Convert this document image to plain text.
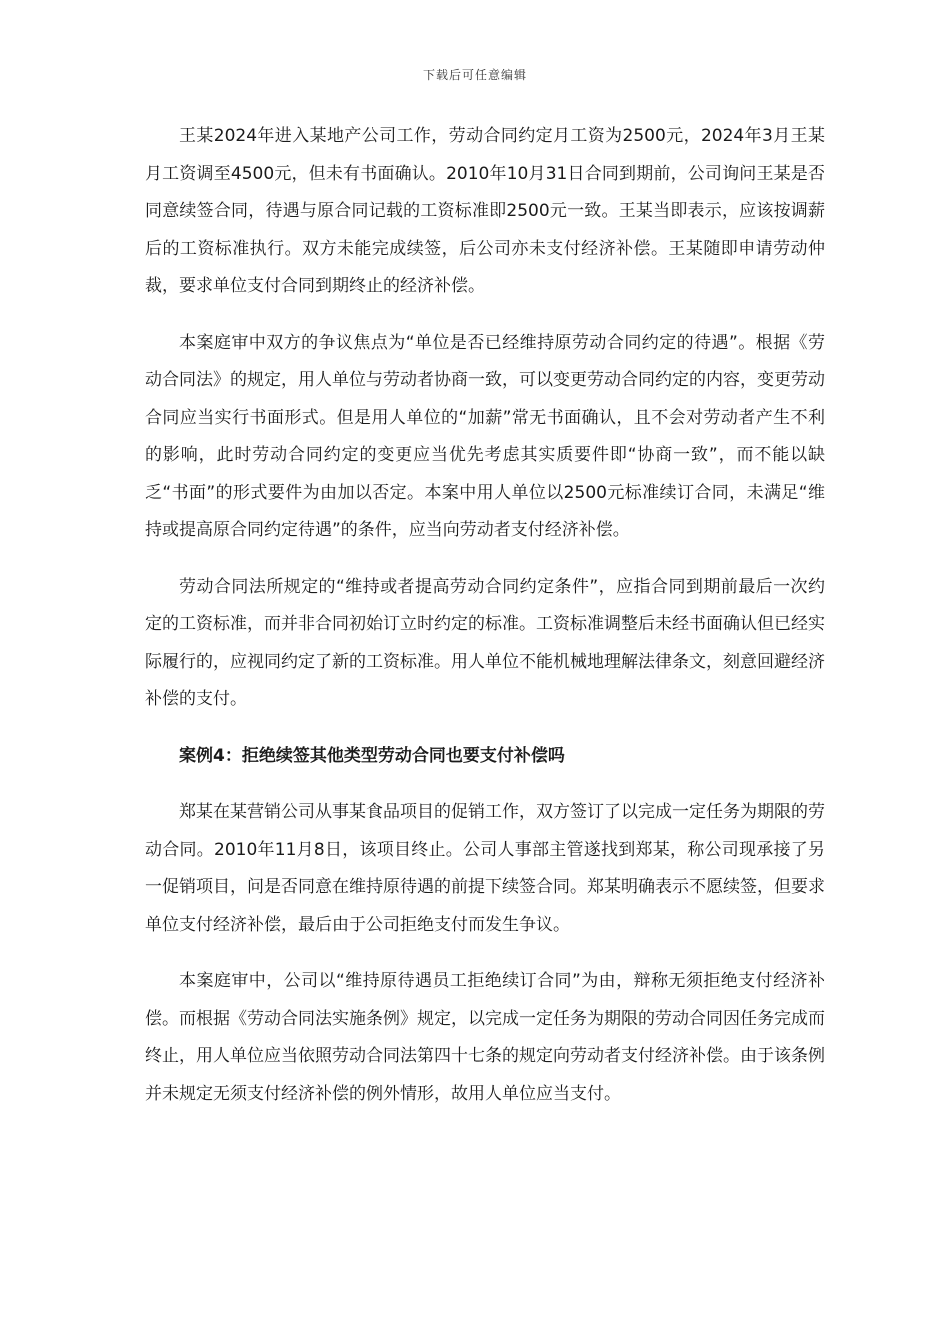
下载后可任意编辑

王某2024年进入某地产公司工作，劳动合同约定月工资为2500元，2024年3月王某月工资调至4500元，但未有书面确认。2010年10月31日合同到期前，公司询问王某是否同意续签合同，待遇与原合同记载的工资标准即2500元一致。王某当即表示，应该按调薪后的工资标准执行。双方未能完成续签，后公司亦未支付经济补偿。王某随即申请劳动仲裁，要求单位支付合同到期终止的经济补偿。

本案庭审中双方的争议焦点为“单位是否已经维持原劳动合同约定的待遇”。根据《劳动合同法》的规定，用人单位与劳动者协商一致，可以变更劳动合同约定的内容，变更劳动合同应当实行书面形式。但是用人单位的“加薪”常无书面确认，且不会对劳动者产生不利的影响，此时劳动合同约定的变更应当优先考虑其实质要件即“协商一致”，而不能以缺乏“书面”的形式要件为由加以否定。本案中用人单位以2500元标准续订合同，未满足“维持或提高原合同约定待遇”的条件，应当向劳动者支付经济补偿。

劳动合同法所规定的“维持或者提高劳动合同约定条件”，应指合同到期前最后一次约定的工资标准，而并非合同初始订立时约定的标准。工资标准调整后未经书面确认但已经实际履行的，应视同约定了新的工资标准。用人单位不能机械地理解法律条文，刻意回避经济补偿的支付。

案例4：拒绝续签其他类型劳动合同也要支付补偿吗

郑某在某营销公司从事某食品项目的促销工作，双方签订了以完成一定任务为期限的劳动合同。2010年11月8日，该项目终止。公司人事部主管遂找到郑某，称公司现承接了另一促销项目，问是否同意在维持原待遇的前提下续签合同。郑某明确表示不愿续签，但要求单位支付经济补偿，最后由于公司拒绝支付而发生争议。

本案庭审中，公司以“维持原待遇员工拒绝续订合同”为由，辩称无须拒绝支付经济补偿。而根据《劳动合同法实施条例》规定，以完成一定任务为期限的劳动合同因任务完成而终止，用人单位应当依照劳动合同法第四十七条的规定向劳动者支付经济补偿。由于该条例并未规定无须支付经济补偿的例外情形，故用人单位应当支付。
